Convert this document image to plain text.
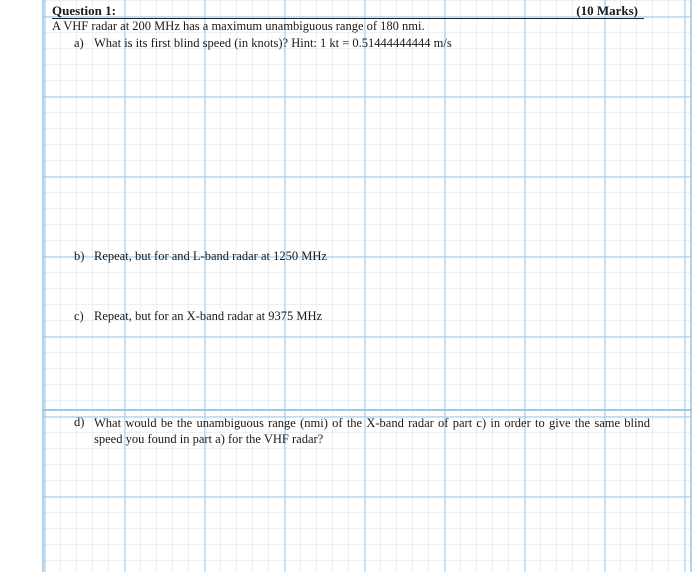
Question 1:	(10 Marks)
A VHF radar at 200 MHz has a maximum unambiguous range of 180 nmi.
a) What is its first blind speed (in knots)? Hint: 1 kt = 0.51444444444 m/s
b) Repeat, but for and L-band radar at 1250 MHz
c) Repeat, but for an X-band radar at 9375 MHz
d) What would be the unambiguous range (nmi) of the X-band radar of part c) in order to give the same blind speed you found in part a) for the VHF radar?
